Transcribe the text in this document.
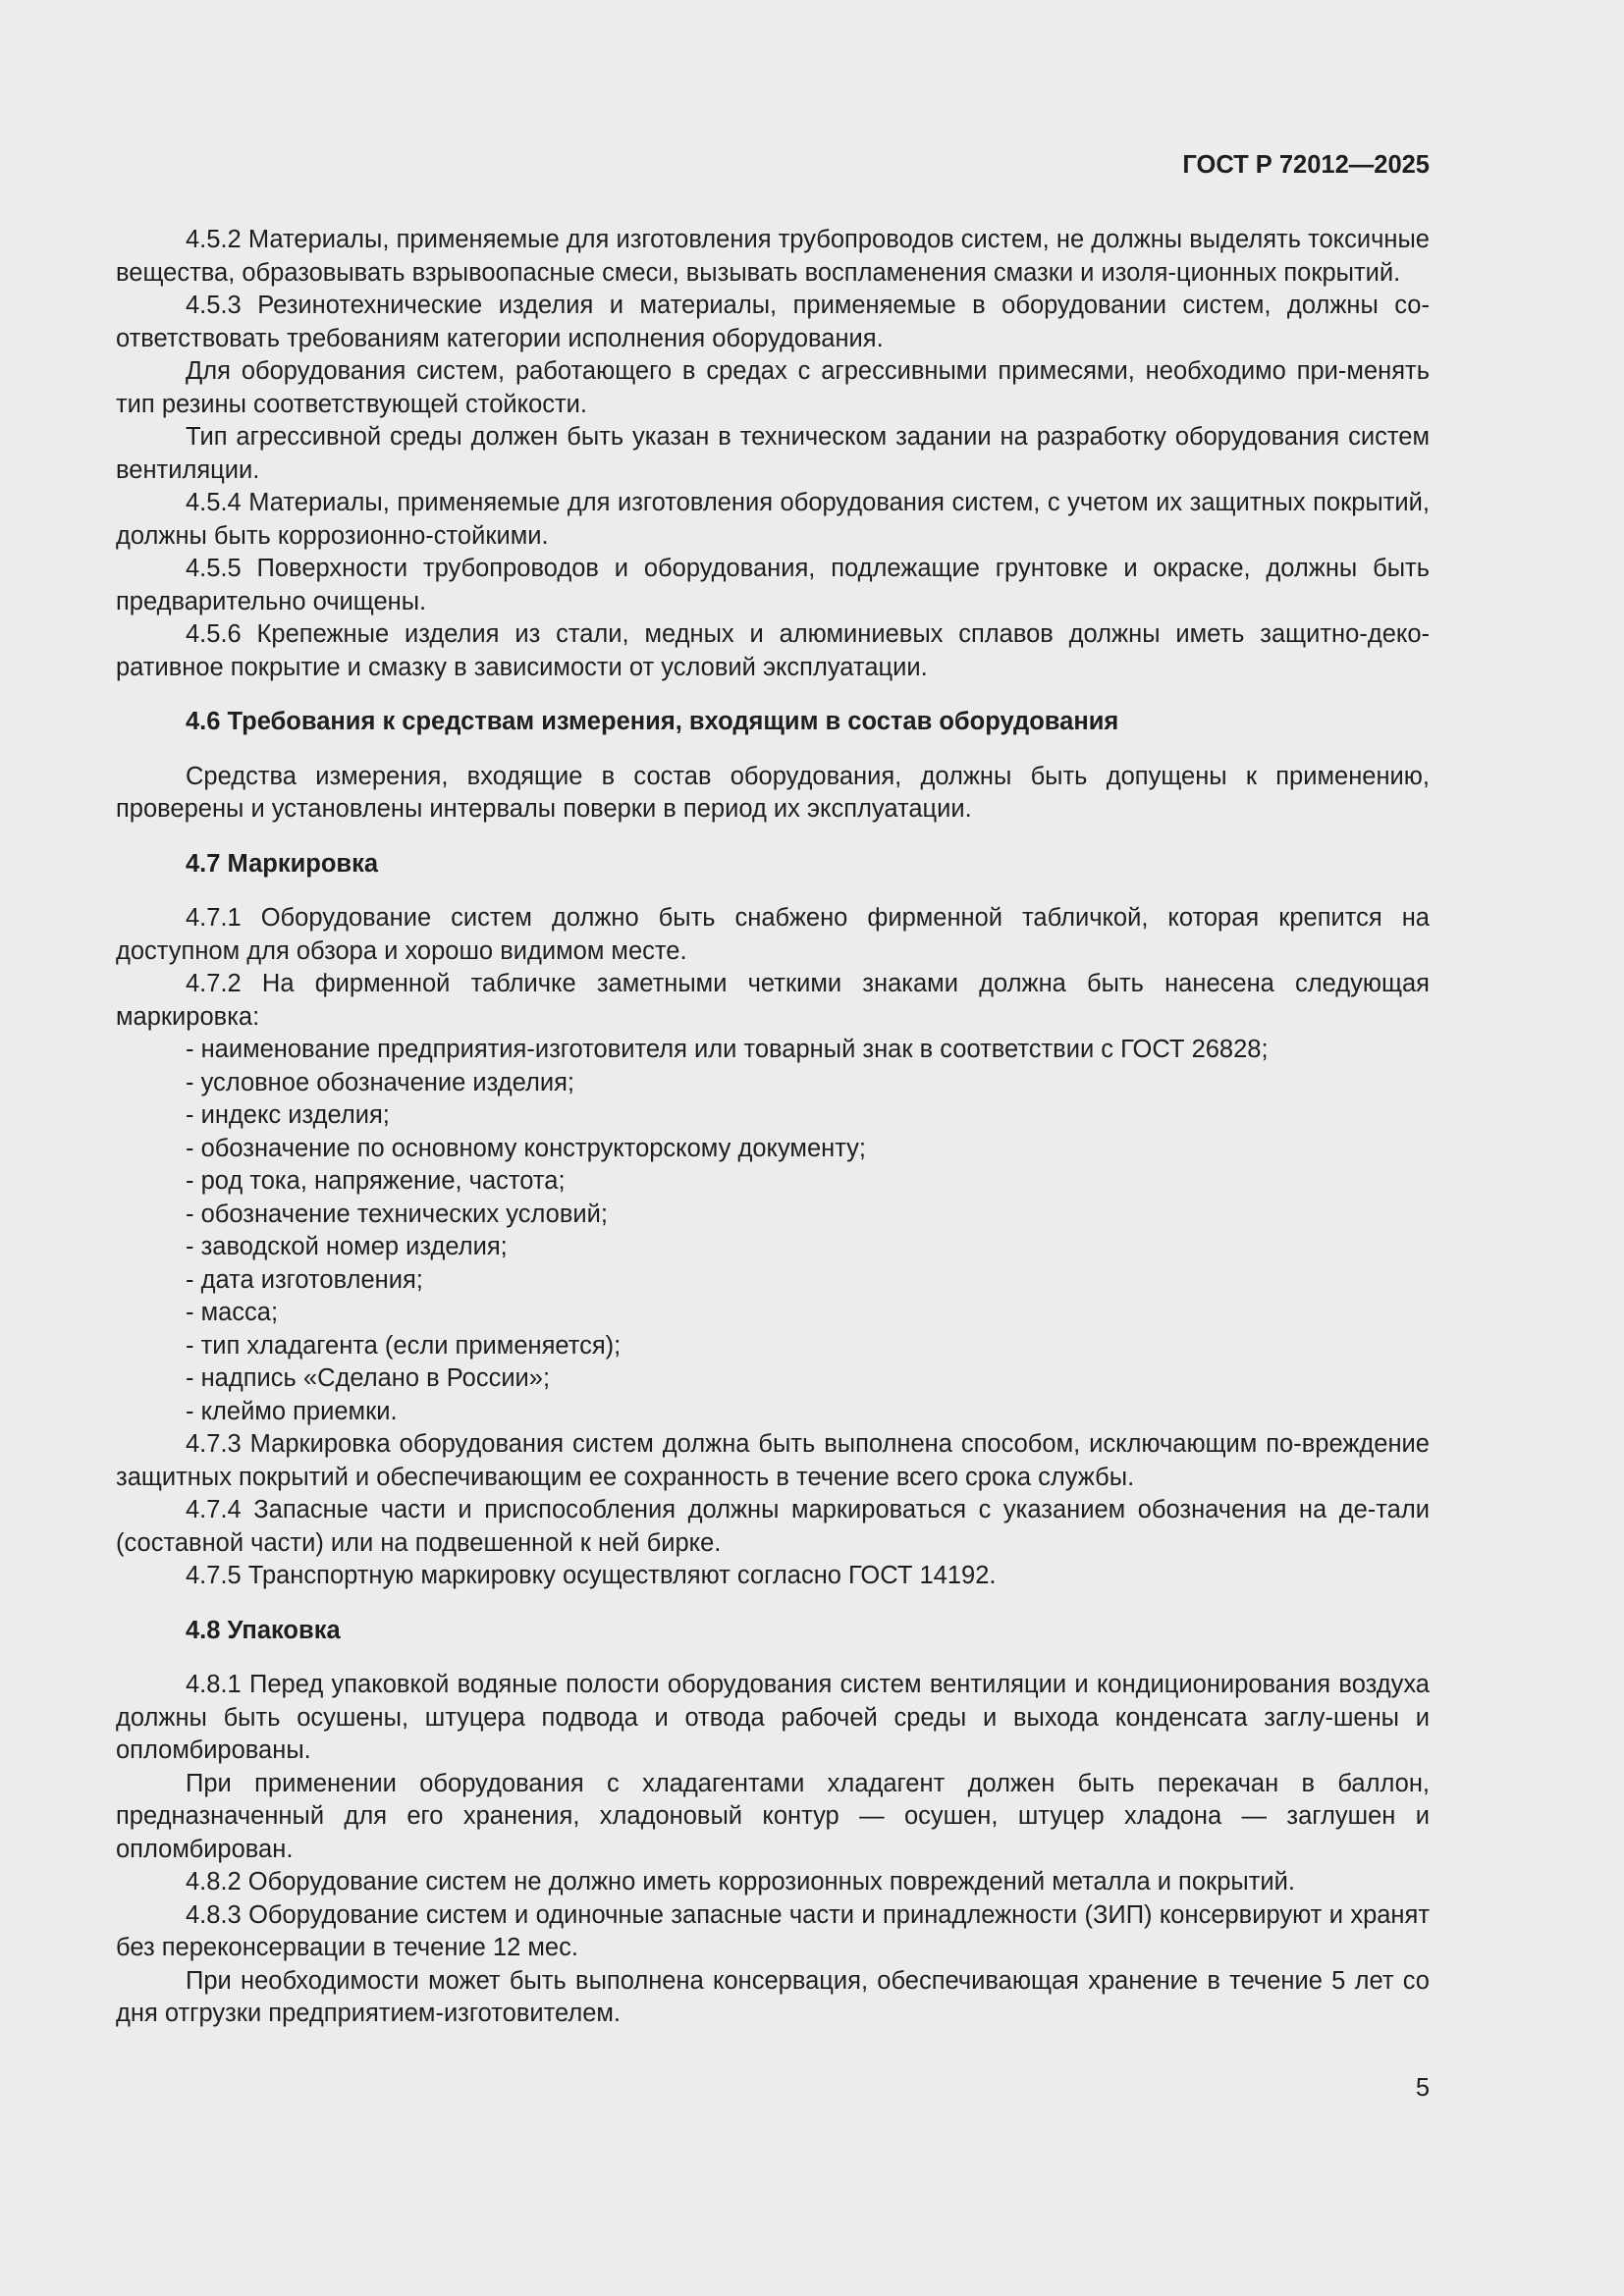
ГОСТ Р 72012—2025

4.5.2 Материалы, применяемые для изготовления трубопроводов систем, не должны выделять токсичные вещества, образовывать взрывоопасные смеси, вызывать воспламенения смазки и изоля-ционных покрытий.

4.5.3 Резинотехнические изделия и материалы, применяемые в оборудовании систем, должны со-ответствовать требованиям категории исполнения оборудования.

Для оборудования систем, работающего в средах с агрессивными примесями, необходимо при-менять тип резины соответствующей стойкости.

Тип агрессивной среды должен быть указан в техническом задании на разработку оборудования систем вентиляции.

4.5.4 Материалы, применяемые для изготовления оборудования систем, с учетом их защитных покрытий, должны быть коррозионно-стойкими.

4.5.5 Поверхности трубопроводов и оборудования, подлежащие грунтовке и окраске, должны быть предварительно очищены.

4.5.6 Крепежные изделия из стали, медных и алюминиевых сплавов должны иметь защитно-деко-ративное покрытие и смазку в зависимости от условий эксплуатации.

4.6 Требования к средствам измерения, входящим в состав оборудования

Средства измерения, входящие в состав оборудования, должны быть допущены к применению, проверены и установлены интервалы поверки в период их эксплуатации.

4.7 Маркировка

4.7.1 Оборудование систем должно быть снабжено фирменной табличкой, которая крепится на доступном для обзора и хорошо видимом месте.

4.7.2 На фирменной табличке заметными четкими знаками должна быть нанесена следующая маркировка:

- наименование предприятия-изготовителя или товарный знак в соответствии с ГОСТ 26828;

- условное обозначение изделия;

- индекс изделия;

- обозначение по основному конструкторскому документу;

- род тока, напряжение, частота;

- обозначение технических условий;

- заводской номер изделия;

- дата изготовления;

- масса;

- тип хладагента (если применяется);

- надпись «Сделано в России»;

- клеймо приемки.

4.7.3 Маркировка оборудования систем должна быть выполнена способом, исключающим по-вреждение защитных покрытий и обеспечивающим ее сохранность в течение всего срока службы.

4.7.4 Запасные части и приспособления должны маркироваться с указанием обозначения на де-тали (составной части) или на подвешенной к ней бирке.

4.7.5 Транспортную маркировку осуществляют согласно ГОСТ 14192.

4.8 Упаковка

4.8.1 Перед упаковкой водяные полости оборудования систем вентиляции и кондиционирования воздуха должны быть осушены, штуцера подвода и отвода рабочей среды и выхода конденсата заглу-шены и опломбированы.

При применении оборудования с хладагентами хладагент должен быть перекачан в баллон, предназначенный для его хранения, хладоновый контур — осушен, штуцер хладона — заглушен и опломбирован.

4.8.2 Оборудование систем не должно иметь коррозионных повреждений металла и покрытий.

4.8.3 Оборудование систем и одиночные запасные части и принадлежности (ЗИП) консервируют и хранят без переконсервации в течение 12 мес.

При необходимости может быть выполнена консервация, обеспечивающая хранение в течение 5 лет со дня отгрузки предприятием-изготовителем.

5
